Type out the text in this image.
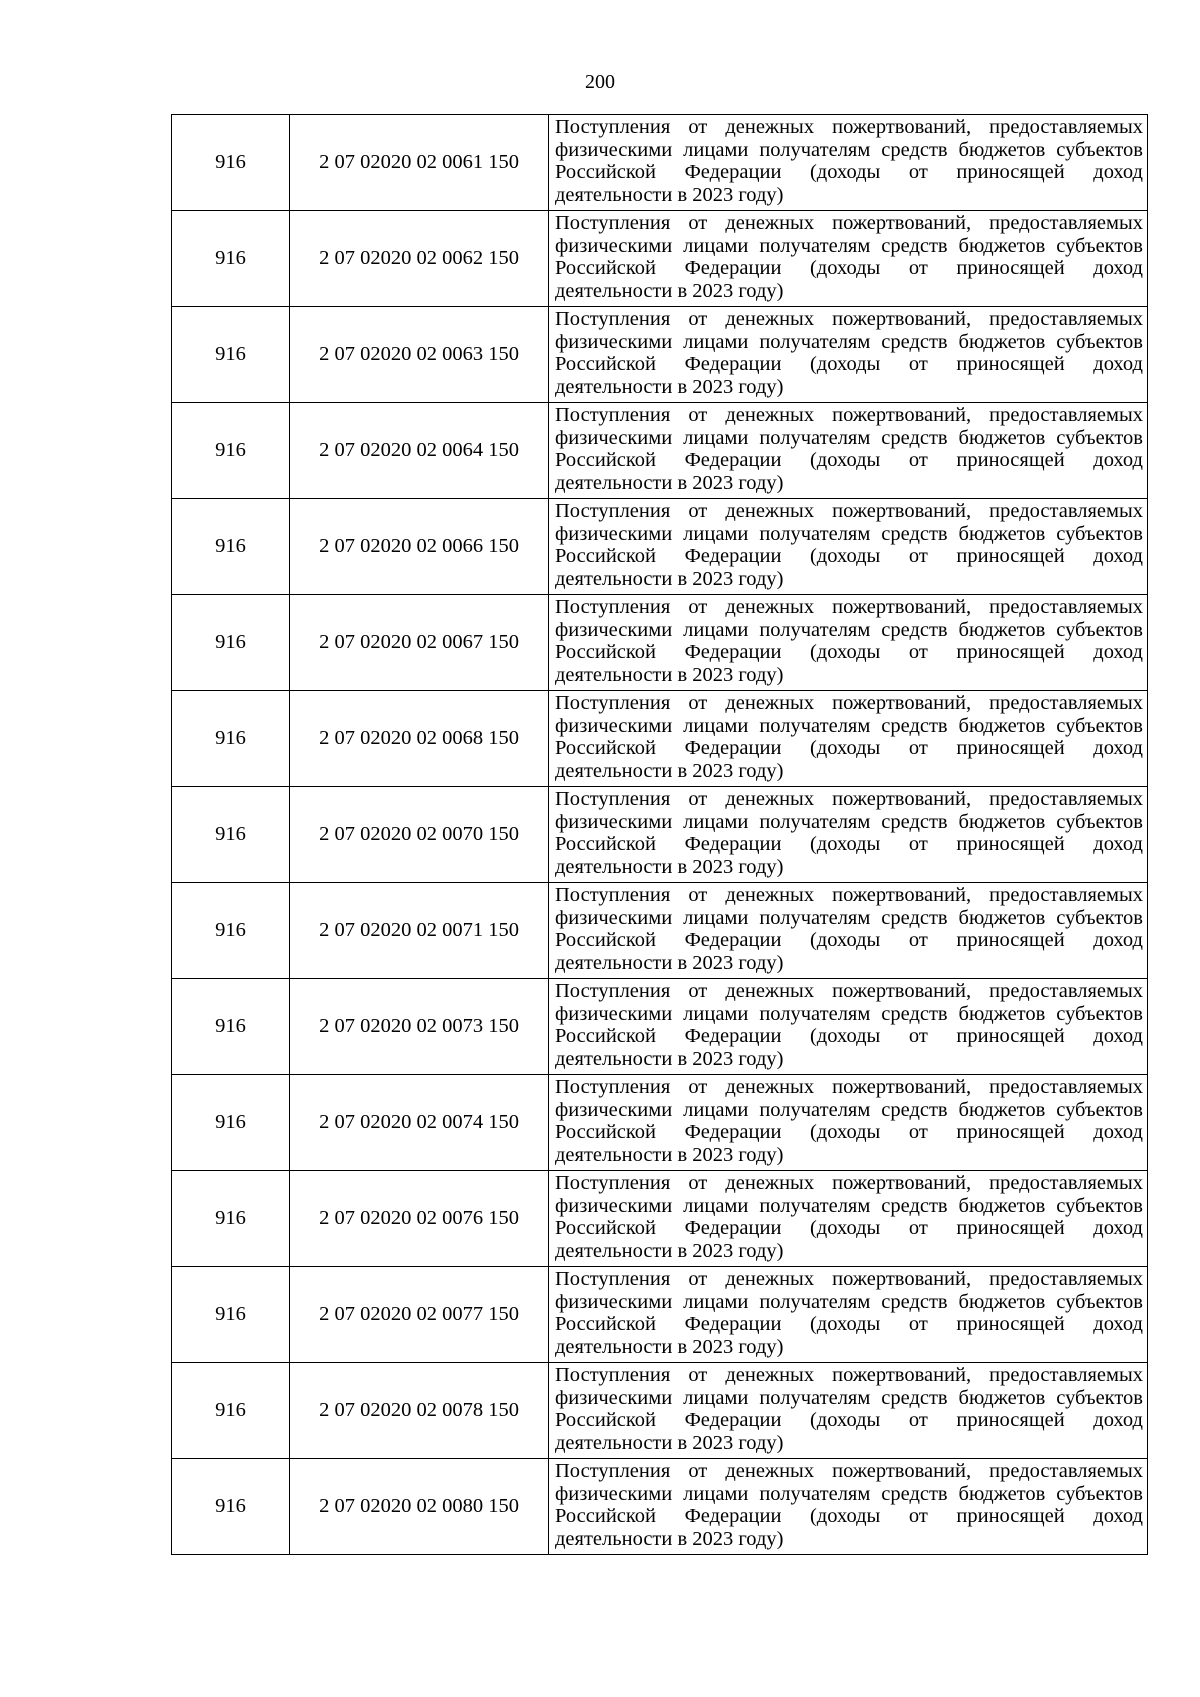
200
916	2 07 02020 02 0061 150	Поступления от денежных пожертвований, предоставляемых физическими лицами получателям средств бюджетов субъектов Российской Федерации (доходы от приносящей доход деятельности в 2023 году)

916	2 07 02020 02 0062 150	Поступления от денежных пожертвований, предоставляемых физическими лицами получателям средств бюджетов субъектов Российской Федерации (доходы от приносящей доход деятельности в 2023 году)

916	2 07 02020 02 0063 150	Поступления от денежных пожертвований, предоставляемых физическими лицами получателям средств бюджетов субъектов Российской Федерации (доходы от приносящей доход деятельности в 2023 году)

916	2 07 02020 02 0064 150	Поступления от денежных пожертвований, предоставляемых физическими лицами получателям средств бюджетов субъектов Российской Федерации (доходы от приносящей доход деятельности в 2023 году)

916	2 07 02020 02 0066 150	Поступления от денежных пожертвований, предоставляемых физическими лицами получателям средств бюджетов субъектов Российской Федерации (доходы от приносящей доход деятельности в 2023 году)

916	2 07 02020 02 0067 150	Поступления от денежных пожертвований, предоставляемых физическими лицами получателям средств бюджетов субъектов Российской Федерации (доходы от приносящей доход деятельности в 2023 году)

916	2 07 02020 02 0068 150	Поступления от денежных пожертвований, предоставляемых физическими лицами получателям средств бюджетов субъектов Российской Федерации (доходы от приносящей доход деятельности в 2023 году)

916	2 07 02020 02 0070 150	Поступления от денежных пожертвований, предоставляемых физическими лицами получателям средств бюджетов субъектов Российской Федерации (доходы от приносящей доход деятельности в 2023 году)

916	2 07 02020 02 0071 150	Поступления от денежных пожертвований, предоставляемых физическими лицами получателям средств бюджетов субъектов Российской Федерации (доходы от приносящей доход деятельности в 2023 году)

916	2 07 02020 02 0073 150	Поступления от денежных пожертвований, предоставляемых физическими лицами получателям средств бюджетов субъектов Российской Федерации (доходы от приносящей доход деятельности в 2023 году)

916	2 07 02020 02 0074 150	Поступления от денежных пожертвований, предоставляемых физическими лицами получателям средств бюджетов субъектов Российской Федерации (доходы от приносящей доход деятельности в 2023 году)

916	2 07 02020 02 0076 150	Поступления от денежных пожертвований, предоставляемых физическими лицами получателям средств бюджетов субъектов Российской Федерации (доходы от приносящей доход деятельности в 2023 году)

916	2 07 02020 02 0077 150	Поступления от денежных пожертвований, предоставляемых физическими лицами получателям средств бюджетов субъектов Российской Федерации (доходы от приносящей доход деятельности в 2023 году)

916	2 07 02020 02 0078 150	Поступления от денежных пожертвований, предоставляемых физическими лицами получателям средств бюджетов субъектов Российской Федерации (доходы от приносящей доход деятельности в 2023 году)

916	2 07 02020 02 0080 150	Поступления от денежных пожертвований, предоставляемых физическими лицами получателям средств бюджетов субъектов Российской Федерации (доходы от приносящей доход деятельности в 2023 году)
